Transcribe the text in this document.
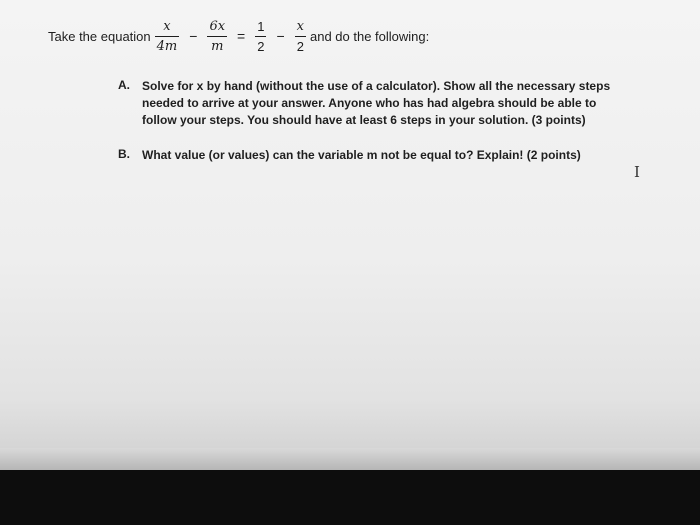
Take the equation $\frac{x}{4m} - \frac{6x}{m} = \frac{1}{2} - \frac{x}{2}$ and do the following:
A.	Solve for x by hand (without the use of a calculator). Show all the necessary steps needed to arrive at your answer. Anyone who has had algebra should be able to follow your steps. You should have at least 6 steps in your solution. (3 points)
B.	What value (or values) can the variable m not be equal to? Explain! (2 points)
I
